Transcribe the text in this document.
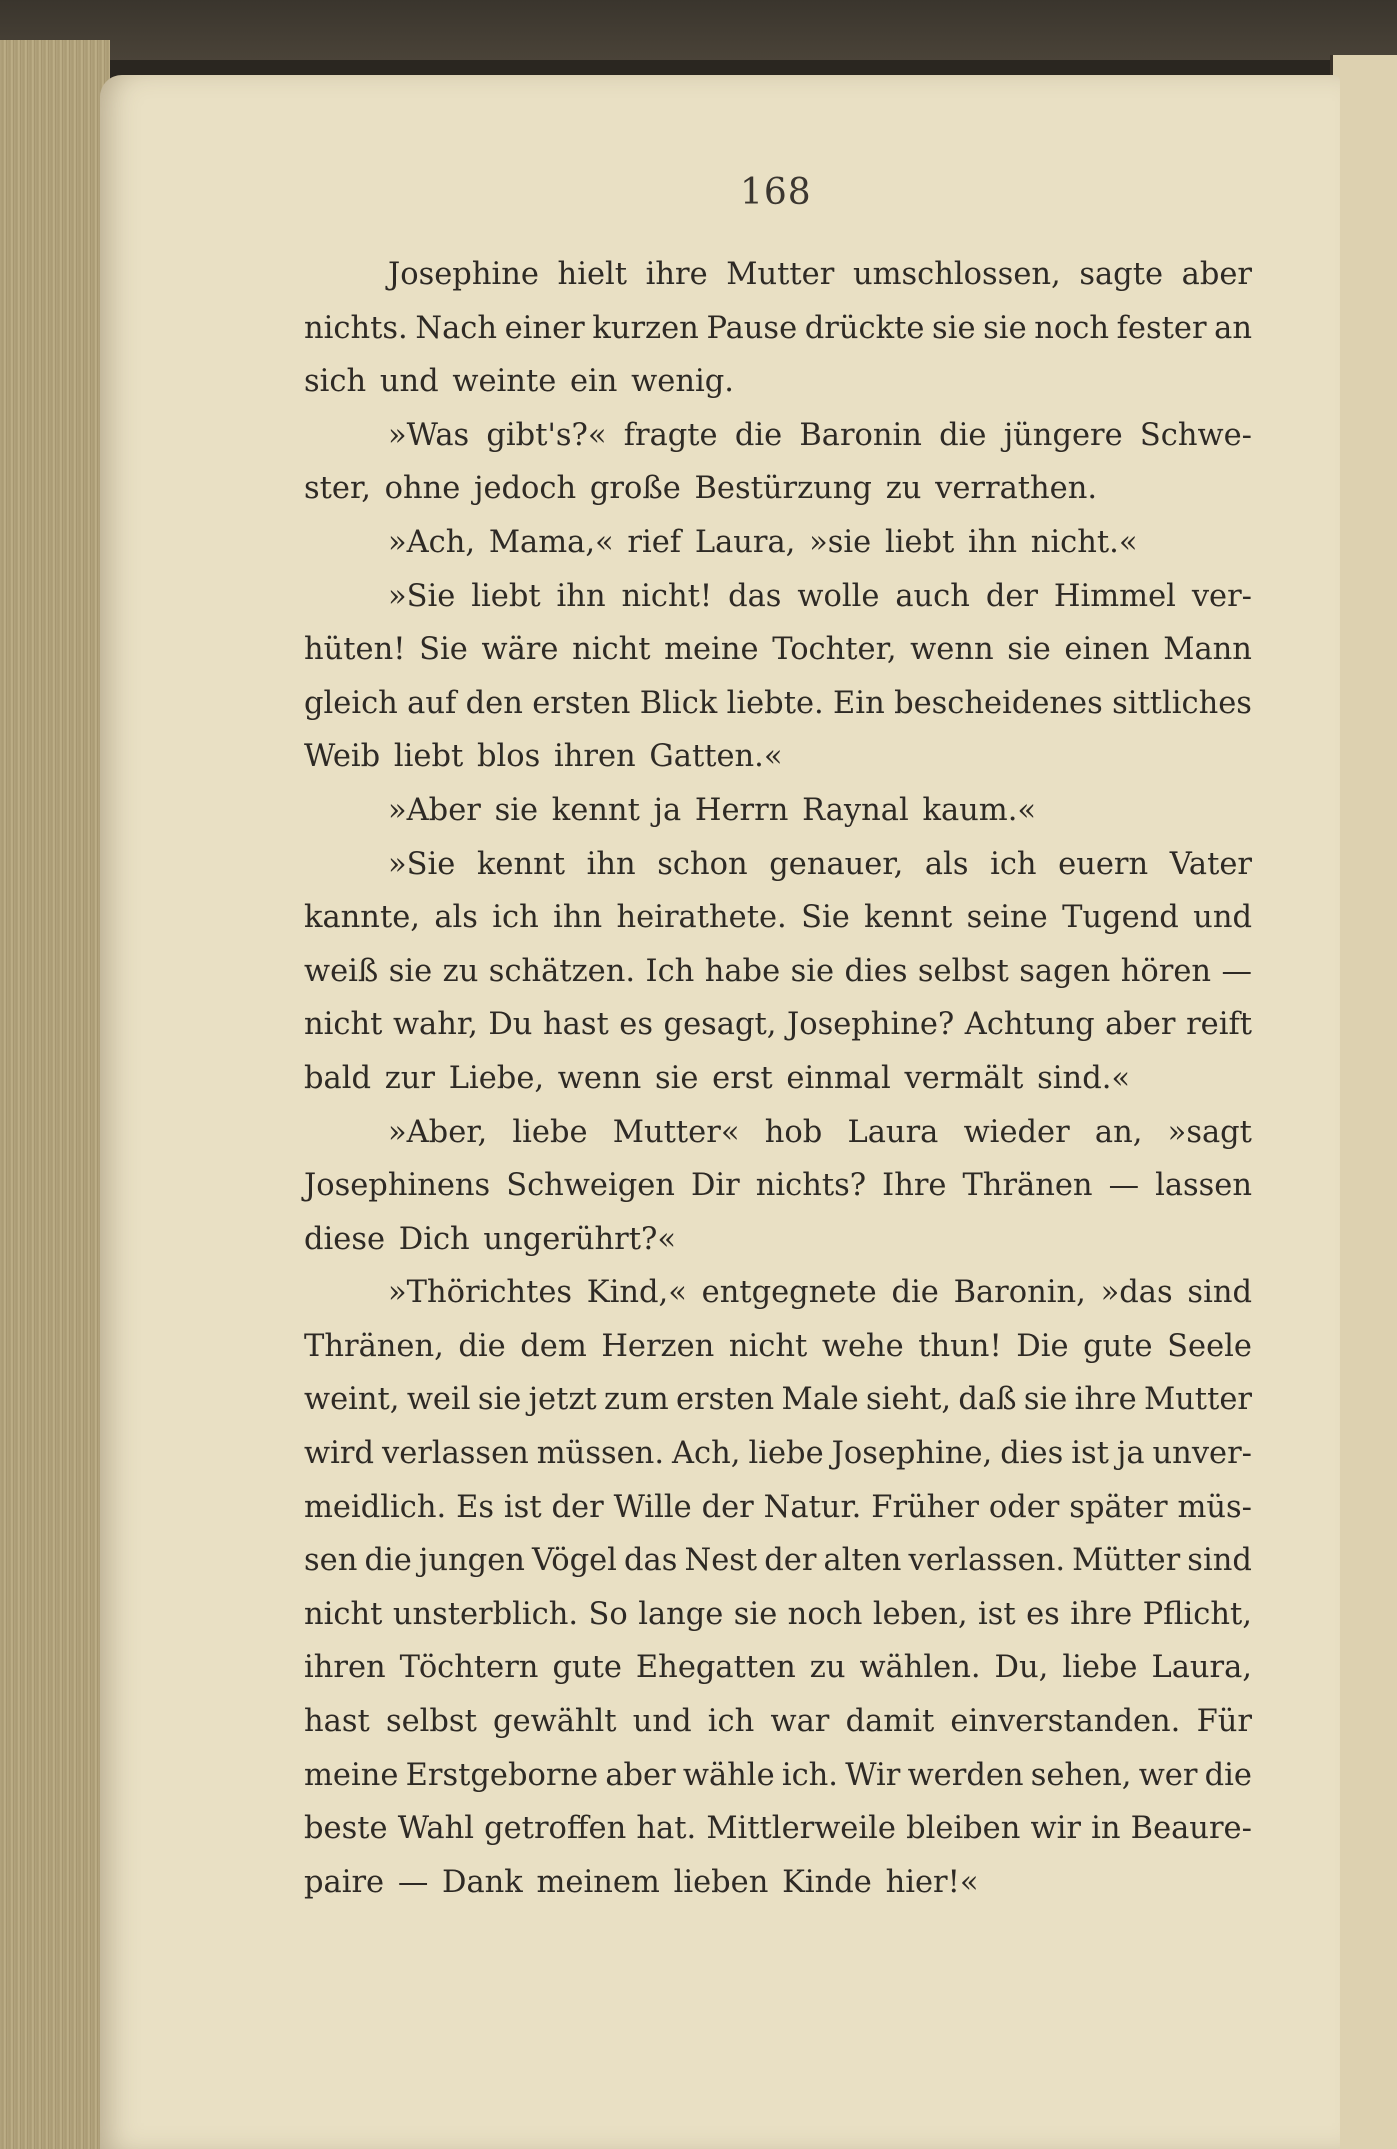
168
Josephine hielt ihre Mutter umschlossen, sagte aber
nichts. Nach einer kurzen Pause drückte sie sie noch fester an
sich und weinte ein wenig.
»Was gibt's?« fragte die Baronin die jüngere Schwe-
ster, ohne jedoch große Bestürzung zu verrathen.
»Ach, Mama,« rief Laura, »sie liebt ihn nicht.«
»Sie liebt ihn nicht! das wolle auch der Himmel ver-
hüten! Sie wäre nicht meine Tochter, wenn sie einen Mann
gleich auf den ersten Blick liebte. Ein bescheidenes sittliches
Weib liebt blos ihren Gatten.«
»Aber sie kennt ja Herrn Raynal kaum.«
»Sie kennt ihn schon genauer, als ich euern Vater
kannte, als ich ihn heirathete. Sie kennt seine Tugend und
weiß sie zu schätzen. Ich habe sie dies selbst sagen hören —
nicht wahr, Du hast es gesagt, Josephine? Achtung aber reift
bald zur Liebe, wenn sie erst einmal vermält sind.«
»Aber, liebe Mutter« hob Laura wieder an, »sagt
Josephinens Schweigen Dir nichts? Ihre Thränen — lassen
diese Dich ungerührt?«
»Thörichtes Kind,« entgegnete die Baronin, »das sind
Thränen, die dem Herzen nicht wehe thun! Die gute Seele
weint, weil sie jetzt zum ersten Male sieht, daß sie ihre Mutter
wird verlassen müssen. Ach, liebe Josephine, dies ist ja unver-
meidlich. Es ist der Wille der Natur. Früher oder später müs-
sen die jungen Vögel das Nest der alten verlassen. Mütter sind
nicht unsterblich. So lange sie noch leben, ist es ihre Pflicht,
ihren Töchtern gute Ehegatten zu wählen. Du, liebe Laura,
hast selbst gewählt und ich war damit einverstanden. Für
meine Erstgeborne aber wähle ich. Wir werden sehen, wer die
beste Wahl getroffen hat. Mittlerweile bleiben wir in Beaure-
paire — Dank meinem lieben Kinde hier!«
